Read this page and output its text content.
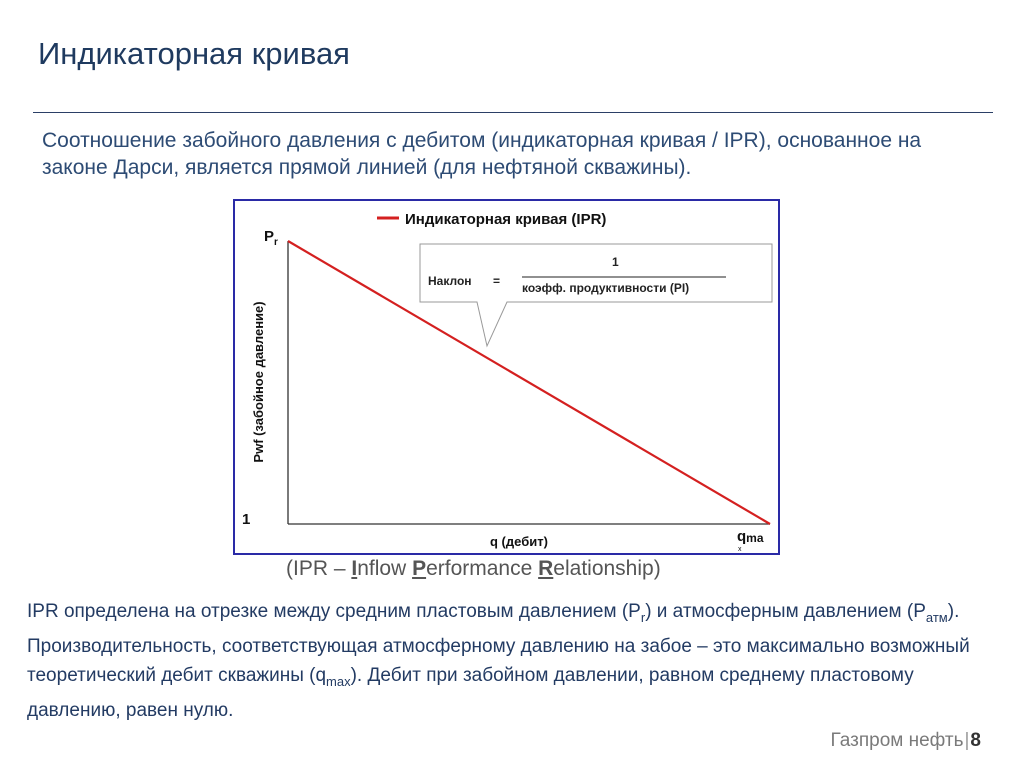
Индикаторная кривая
Соотношение забойного давления с дебитом (индикаторная кривая / IPR), основанное на законе Дарси, является прямой линией (для нефтяной скважины).
Индикаторная кривая (IPR)
Наклон =
1
коэфф. продуктивности (PI)
Pwf (забойное давление)
$P_r$
1
q (дебит)	qma
x
(IPR – Inflow Performance Relationship)
IPR определена на отрезке между средним пластовым давлением $(P_r)$ и атмосферным давлением $(P_{атм})$. Производительность, соответствующая атмосферному давлению на забое – это максимально возможный теоретический дебит скважины $(q_{max})$. Дебит при забойном давлении, равном среднему пластовому давлению, равен нулю.
Газпром нефть|8
